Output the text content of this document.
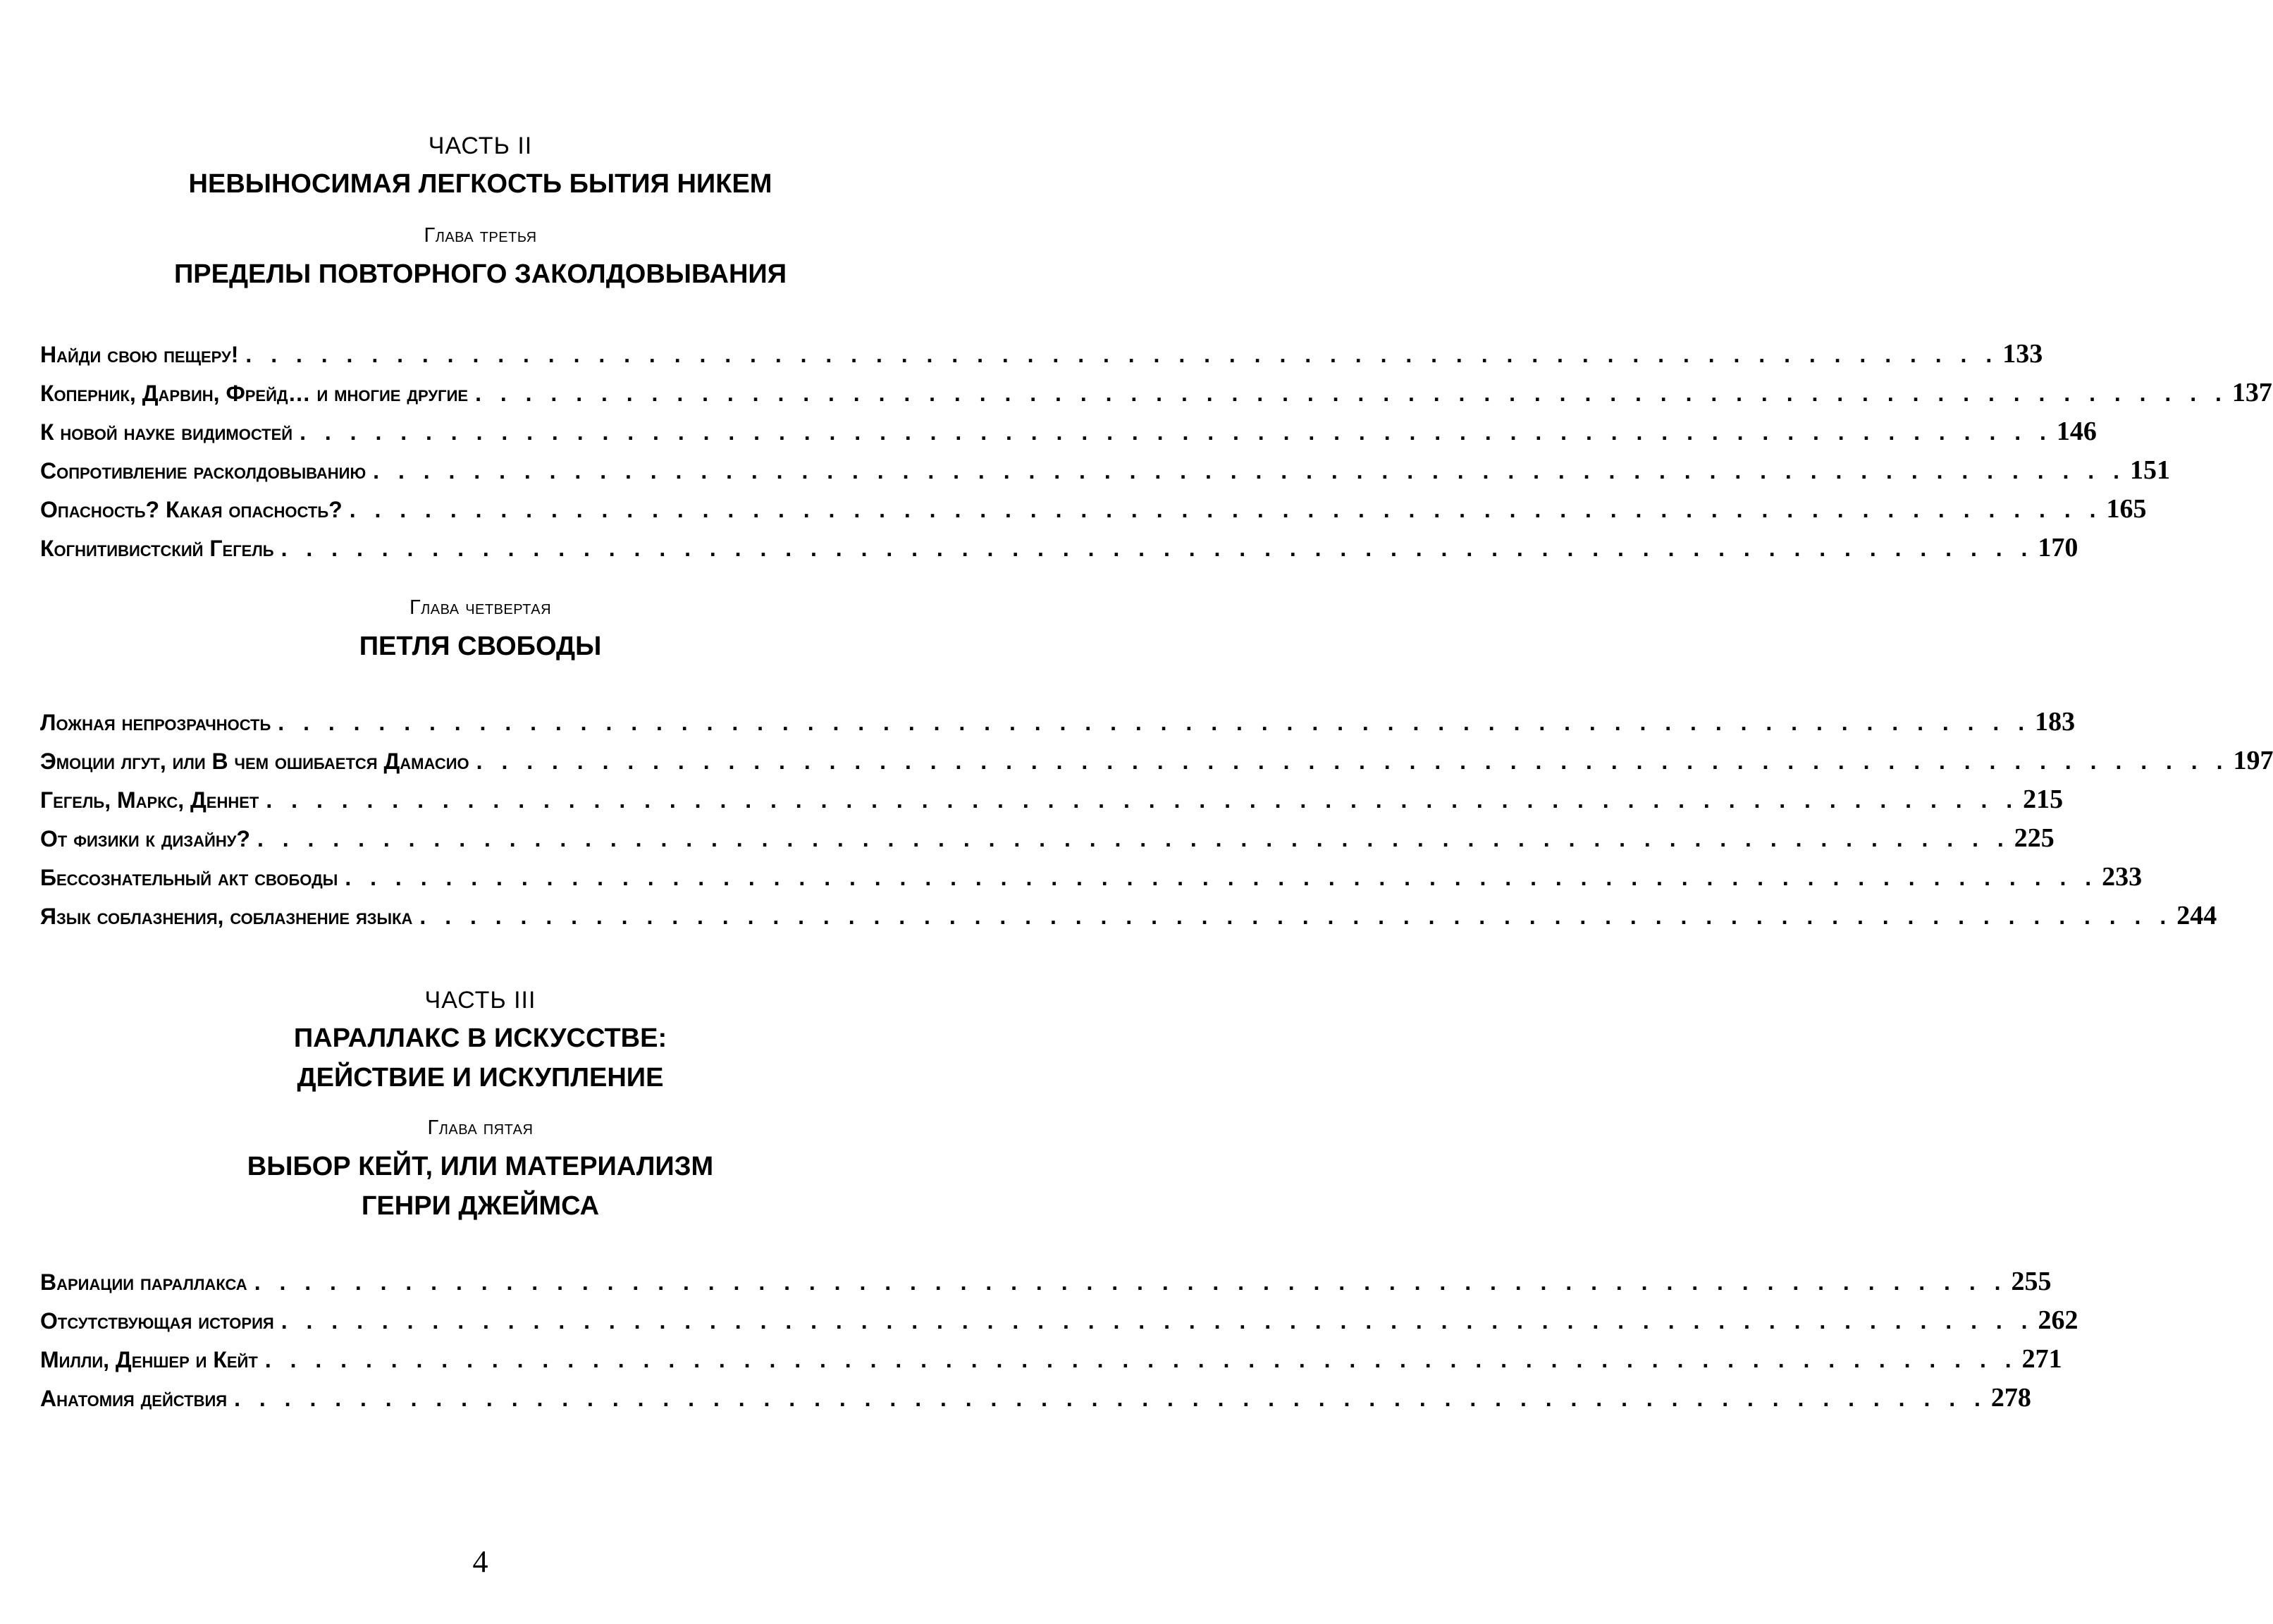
ЧАСТЬ II
НЕВЫНОСИМАЯ ЛЕГКОСТЬ БЫТИЯ НИКЕМ
Глава третья
ПРЕДЕЛЫ ПОВТОРНОГО ЗАКОЛДОВЫВАНИЯ
Найди свою пещеру! . . . . . . . . . . . . . . . . . . . . . . . . . . . . . . . . . . . . . . . . . . . . . . . . . . . . . . . . . . . . . . . . . . . . . . 133
Коперник, Дарвин, Фрейд… и многие другие . . . . . . . . . . . . . . . . . . . . . . . . . . . . . . . . . . . . . . . . . . . . . . . . . . . . . . . . . . . . . . . . . . . . . . 137
К новой науке видимостей . . . . . . . . . . . . . . . . . . . . . . . . . . . . . . . . . . . . . . . . . . . . . . . . . . . . . . . . . . . . . . . . . . . . . . 146
Сопротивление расколдовыванию . . . . . . . . . . . . . . . . . . . . . . . . . . . . . . . . . . . . . . . . . . . . . . . . . . . . . . . . . . . . . . . . . . . . . . 151
Опасность? Какая опасность? . . . . . . . . . . . . . . . . . . . . . . . . . . . . . . . . . . . . . . . . . . . . . . . . . . . . . . . . . . . . . . . . . . . . . . 165
Когнитивистский Гегель . . . . . . . . . . . . . . . . . . . . . . . . . . . . . . . . . . . . . . . . . . . . . . . . . . . . . . . . . . . . . . . . . . . . . . 170
Глава четвертая
ПЕТЛЯ СВОБОДЫ
Ложная непрозрачность . . . . . . . . . . . . . . . . . . . . . . . . . . . . . . . . . . . . . . . . . . . . . . . . . . . . . . . . . . . . . . . . . . . . . . 183
Эмоции лгут, или В чем ошибается Дамасио . . . . . . . . . . . . . . . . . . . . . . . . . . . . . . . . . . . . . . . . . . . . . . . . . . . . . . . . . . . . . . . . . . . . . . 197
Гегель, Маркс, Деннет . . . . . . . . . . . . . . . . . . . . . . . . . . . . . . . . . . . . . . . . . . . . . . . . . . . . . . . . . . . . . . . . . . . . . . 215
От физики к дизайну? . . . . . . . . . . . . . . . . . . . . . . . . . . . . . . . . . . . . . . . . . . . . . . . . . . . . . . . . . . . . . . . . . . . . . . 225
Бессознательный акт свободы . . . . . . . . . . . . . . . . . . . . . . . . . . . . . . . . . . . . . . . . . . . . . . . . . . . . . . . . . . . . . . . . . . . . . . 233
Язык соблазнения, соблазнение языка . . . . . . . . . . . . . . . . . . . . . . . . . . . . . . . . . . . . . . . . . . . . . . . . . . . . . . . . . . . . . . . . . . . . . . 244
ЧАСТЬ III
ПАРАЛЛАКС В ИСКУССТВЕ:
ДЕЙСТВИЕ И ИСКУПЛЕНИЕ
Глава пятая
ВЫБОР КЕЙТ, ИЛИ МАТЕРИАЛИЗМ
ГЕНРИ ДЖЕЙМСА
Вариации параллакса . . . . . . . . . . . . . . . . . . . . . . . . . . . . . . . . . . . . . . . . . . . . . . . . . . . . . . . . . . . . . . . . . . . . . . 255
Отсутствующая история . . . . . . . . . . . . . . . . . . . . . . . . . . . . . . . . . . . . . . . . . . . . . . . . . . . . . . . . . . . . . . . . . . . . . . 262
Милли, Деншер и Кейт . . . . . . . . . . . . . . . . . . . . . . . . . . . . . . . . . . . . . . . . . . . . . . . . . . . . . . . . . . . . . . . . . . . . . . 271
Анатомия действия . . . . . . . . . . . . . . . . . . . . . . . . . . . . . . . . . . . . . . . . . . . . . . . . . . . . . . . . . . . . . . . . . . . . . . 278
4
